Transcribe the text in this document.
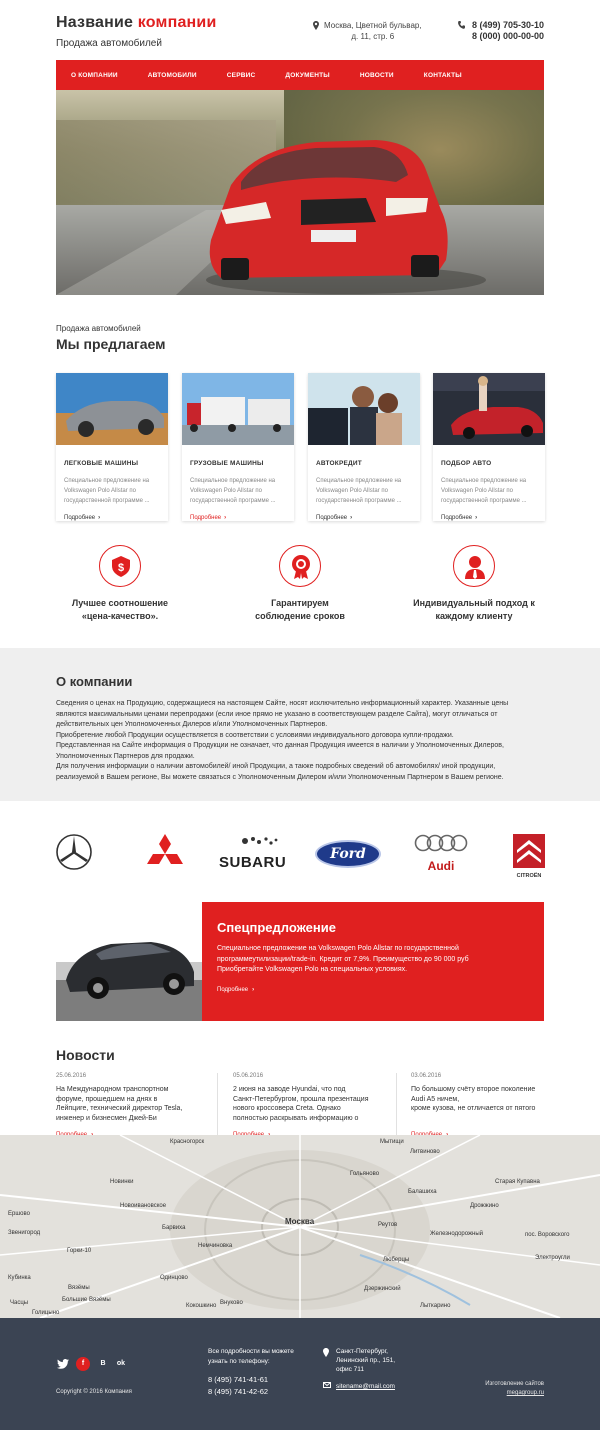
Название компании
Продажа автомобилей
Москва, Цветной бульвар,
д. 11, стр. 6
8 (499) 705-30-10
8 (000) 000-00-00
О КОМПАНИИ	АВТОМОБИЛИ	СЕРВИС	ДОКУМЕНТЫ	НОВОСТИ	КОНТАКТЫ
Продажа автомобилей
Мы предлагаем
ЛЕГКОВЫЕ МАШИНЫ
Специальное предложение на
Volkswagen Polo Allstar по
государственной программе ...
Подробнее ›
ГРУЗОВЫЕ МАШИНЫ
Специальное предложение на
Volkswagen Polo Allstar по
государственной программе ...
Подробнее ›
АВТОКРЕДИТ
Специальное предложение на
Volkswagen Polo Allstar по
государственной программе ...
Подробнее ›
ПОДБОР АВТО
Специальное предложение на
Volkswagen Polo Allstar по
государственной программе ...
Подробнее ›
$
Лучшее соотношение
«цена-качество».
Гарантируем
соблюдение сроков
Индивидуальный подход к
каждому клиенту
О компании
Сведения о ценах на Продукцию, содержащиеся на настоящем Сайте, носят исключительно информационный характер. Указанные цены являются максимальными ценами перепродажи (если иное прямо не указано в соответствующем разделе Сайта), могут отличаться от действительных цен Уполномоченных Дилеров и/или Уполномоченных Партнеров.
Приобретение любой Продукции осуществляется в соответствии с условиями индивидуального договора купли-продажи.
Представленная на Сайте информация о Продукции не означает, что данная Продукция имеется в наличии у Уполномоченных Дилеров, Уполномоченных Партнеров для продажи.
Для получения информации о наличии автомобилей/ иной Продукции, а также подробных сведений об автомобилях/ иной продукции, реализуемой в Вашем регионе, Вы можете связаться с Уполномоченным Дилером и/или Уполномоченным Партнером в Вашем регионе.
SUBARU	Ford
Audi
CITROËN
Спецпредложение
Специальное предложение на Volkswagen Polo Allstar по государственной
программеутилизации/trade-in. Кредит от 7,9%. Преимущество до 90 000 руб
Приобретайте Volkswagen Polo на специальных условиях.
Подробнее ›
Новости
25.06.2016
На Международном транспортном
форуме, прошедшем на днях в
Лейпциге, технический директор Tesla,
инженер и бизнесмен Джей-Би
05.06.2016
2 июня на заводе Hyundai, что под
Санкт-Петербургом, прошла презентация
нового кроссовера Creta. Однако
полностью раскрывать информацию о
03.06.2016
По большому счёту второе поколение
Audi A5 ничем,
кроме кузова, не отличается от пятого
Красногорск	Мытищи
Балашиха
Реутов
Москва
Железнодорожный
Люберцы
Одинцово
Новинки
Ершово
Звенигород
Горки-10
Барвиха
Внуково
Дзержинский
Старая Купавна
Электроугли
Вязёмы
Голицыно
Часцы	Большие Вязёмы
Лыткарино
пос. Воровского
Кубинка
Новоивановское
Гольяново
Кокошкино
Дрожжино
Литвиново
Немчиновка
f	В	ok
Copyright © 2016 Компания
Все подробности вы можете
узнать по телефону:
8 (495) 741-41-61
8 (495) 741-42-62
Санкт-Петербург,
Ленинский пр., 151,
офис 711
sitename@mail.com	Изготовление сайтов
megagroup.ru
